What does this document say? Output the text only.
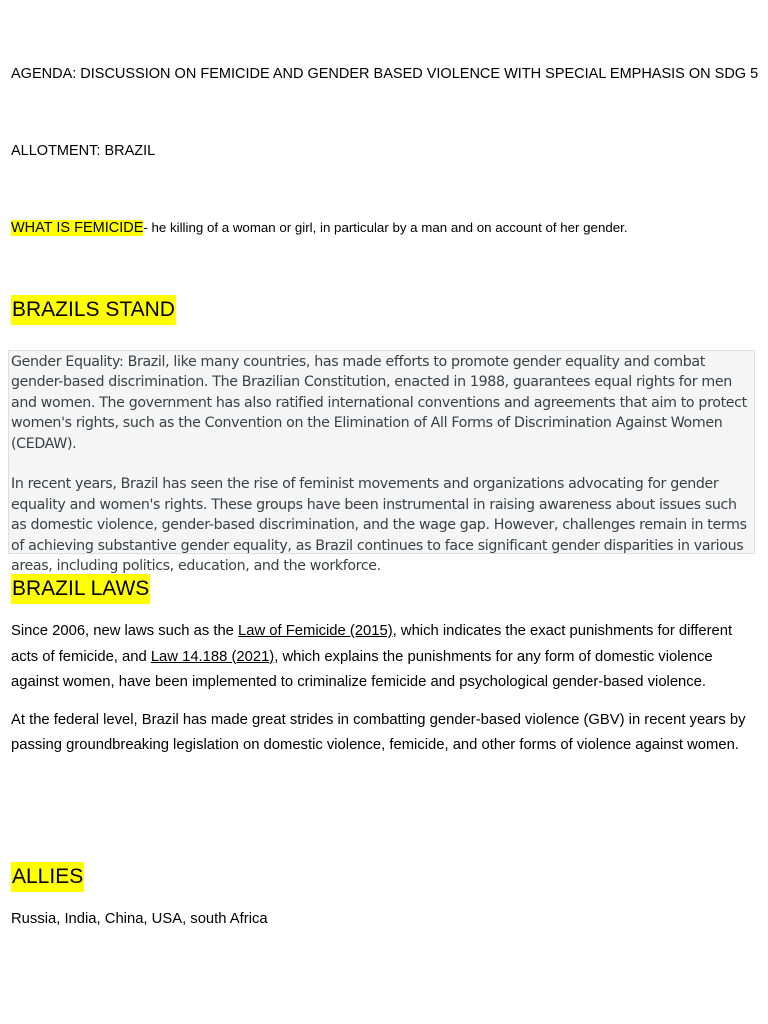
AGENDA: DISCUSSION ON FEMICIDE AND GENDER BASED VIOLENCE WITH SPECIAL EMPHASIS ON SDG 5
ALLOTMENT: BRAZIL
WHAT IS FEMICIDE- he killing of a woman or girl, in particular by a man and on account of her gender.
BRAZILS STAND

Gender Equality: Brazil, like many countries, has made efforts to promote gender equality and combat gender-based discrimination. The Brazilian Constitution, enacted in 1988, guarantees equal rights for men and women. The government has also ratified international conventions and agreements that aim to protect women's rights, such as the Convention on the Elimination of All Forms of Discrimination Against Women (CEDAW).

In recent years, Brazil has seen the rise of feminist movements and organizations advocating for gender equality and women's rights. These groups have been instrumental in raising awareness about issues such as domestic violence, gender-based discrimination, and the wage gap. However, challenges remain in terms of achieving substantive gender equality, as Brazil continues to face significant gender disparities in various areas, including politics, education, and the workforce.

BRAZIL LAWS

Since 2006, new laws such as the Law of Femicide (2015), which indicates the exact punishments for different acts of femicide, and Law 14.188 (2021), which explains the punishments for any form of domestic violence against women, have been implemented to criminalize femicide and psychological gender-based violence.

At the federal level, Brazil has made great strides in combatting gender-based violence (GBV) in recent years by passing groundbreaking legislation on domestic violence, femicide, and other forms of violence against women.

ALLIES
Russia, India, China, USA, south Africa
